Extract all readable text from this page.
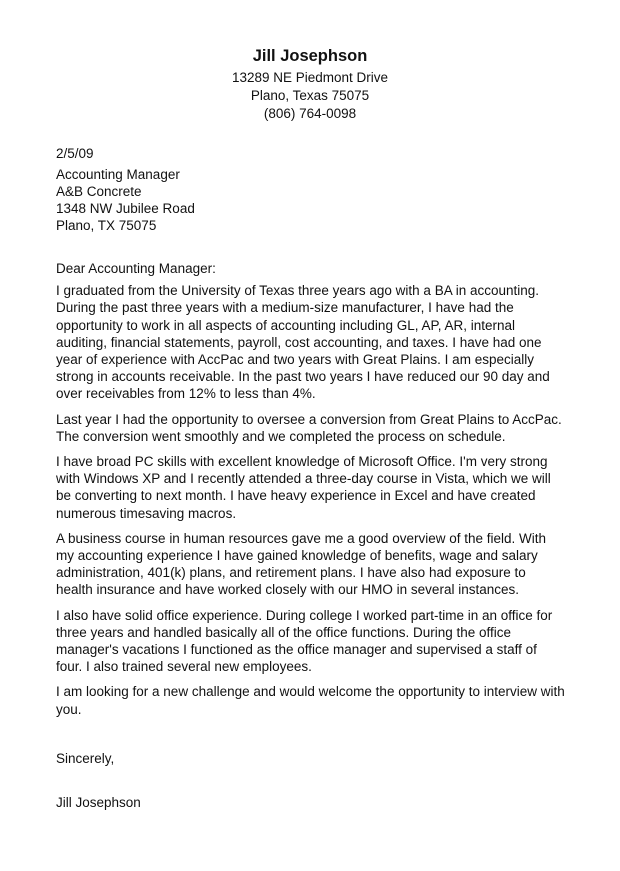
Jill Josephson
13289 NE Piedmont Drive
Plano, Texas 75075
(806) 764-0098
2/5/09
Accounting Manager
A&B Concrete
1348 NW Jubilee Road
Plano, TX 75075

Dear Accounting Manager:

I graduated from the University of Texas three years ago with a BA in accounting. During the past three years with a medium-size manufacturer, I have had the opportunity to work in all aspects of accounting including GL, AP, AR, internal auditing, financial statements, payroll, cost accounting, and taxes. I have had one year of experience with AccPac and two years with Great Plains. I am especially strong in accounts receivable. In the past two years I have reduced our 90 day and over receivables from 12% to less than 4%.

Last year I had the opportunity to oversee a conversion from Great Plains to AccPac. The conversion went smoothly and we completed the process on schedule.

I have broad PC skills with excellent knowledge of Microsoft Office. I'm very strong with Windows XP and I recently attended a three-day course in Vista, which we will be converting to next month. I have heavy experience in Excel and have created numerous timesaving macros.

A business course in human resources gave me a good overview of the field. With my accounting experience I have gained knowledge of benefits, wage and salary administration, 401(k) plans, and retirement plans. I have also had exposure to health insurance and have worked closely with our HMO in several instances.

I also have solid office experience. During college I worked part-time in an office for three years and handled basically all of the office functions. During the office manager's vacations I functioned as the office manager and supervised a staff of four. I also trained several new employees.

I am looking for a new challenge and would welcome the opportunity to interview with you.

Sincerely,
Jill Josephson
